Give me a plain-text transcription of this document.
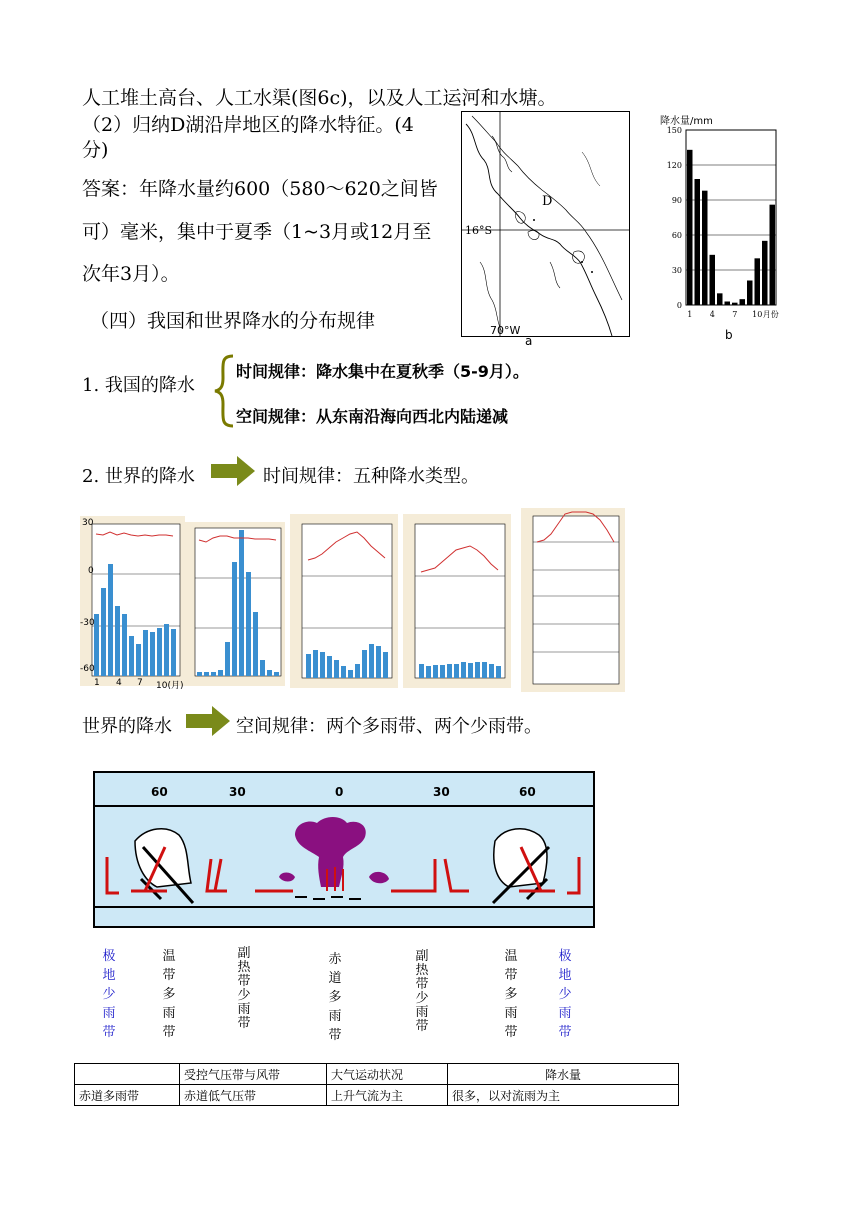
人工堆土高台、人工水渠(图6c)，以及人工运河和水塘。
（2）归纳D湖沿岸地区的降水特征。(4
分)
答案：年降水量约600（580～620之间皆
可）毫米，集中于夏季（1~3月或12月至
次年3月）。
（四）我国和世界降水的分布规律
16°S
70°W
D
a
降水量/mm
150
120
90
60
30
0
1 4 7 10 月份
b
1. 我国的降水
时间规律：降水集中在夏秋季（5-9月）。
空间规律：从东南沿海向西北内陆递减
2. 世界的降水	时间规律：五种降水类型。
30
0
-30
-60
1 4 7 10(月)
世界的降水	空间规律：两个多雨带、两个少雨带。
60	30	0	30	60
极
地
少
雨
带
温
带
多
雨
带
副
热
带
少
雨
带
赤
道
多
雨
带
副
热
带
少
雨
带
温
带
多
雨
带
极
地
少
雨
带
	受控气压带与风带	大气运动状况	降水量
赤道多雨带	赤道低气压带	上升气流为主	很多，以对流雨为主
